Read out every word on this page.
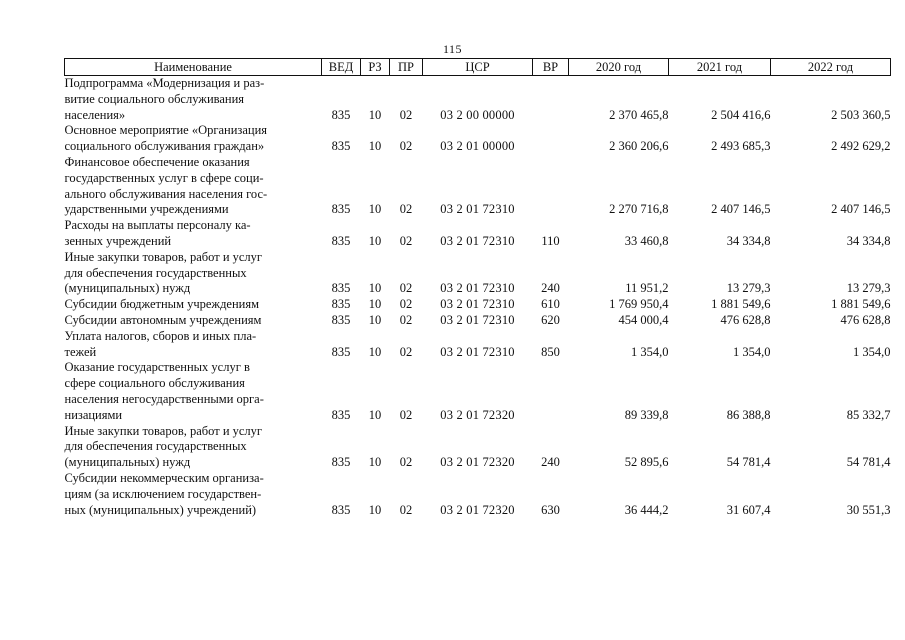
115
Наименование	ВЕД	РЗ	ПР	ЦСР	ВР	2020 год	2021 год	2022 год

Подпрограмма «Модернизация и раз-
витие социального обслуживания
населения»	835	10	02	03 2 00 00000		2 370 465,8	2 504 416,6	2 503 360,5

Основное мероприятие «Организация
социального обслуживания граждан»	835	10	02	03 2 01 00000		2 360 206,6	2 493 685,3	2 492 629,2

Финансовое обеспечение оказания
государственных услуг в сфере соци-
ального обслуживания населения гос-
ударственными учреждениями	835	10	02	03 2 01 72310		2 270 716,8	2 407 146,5	2 407 146,5

Расходы на выплаты персоналу ка-
зенных учреждений	835	10	02	03 2 01 72310	110	33 460,8	34 334,8	34 334,8

Иные закупки товаров, работ и услуг
для обеспечения государственных
(муниципальных) нужд	835	10	02	03 2 01 72310	240	11 951,2	13 279,3	13 279,3

Субсидии бюджетным учреждениям	835	10	02	03 2 01 72310	610	1 769 950,4	1 881 549,6	1 881 549,6

Субсидии автономным учреждениям	835	10	02	03 2 01 72310	620	454 000,4	476 628,8	476 628,8

Уплата налогов, сборов и иных пла-
тежей	835	10	02	03 2 01 72310	850	1 354,0	1 354,0	1 354,0

Оказание государственных услуг в
сфере социального обслуживания
населения негосударственными орга-
низациями	835	10	02	03 2 01 72320		89 339,8	86 388,8	85 332,7

Иные закупки товаров, работ и услуг
для обеспечения государственных
(муниципальных) нужд	835	10	02	03 2 01 72320	240	52 895,6	54 781,4	54 781,4

Субсидии некоммерческим организа-
циям (за исключением государствен-
ных (муниципальных) учреждений)	835	10	02	03 2 01 72320	630	36 444,2	31 607,4	30 551,3
